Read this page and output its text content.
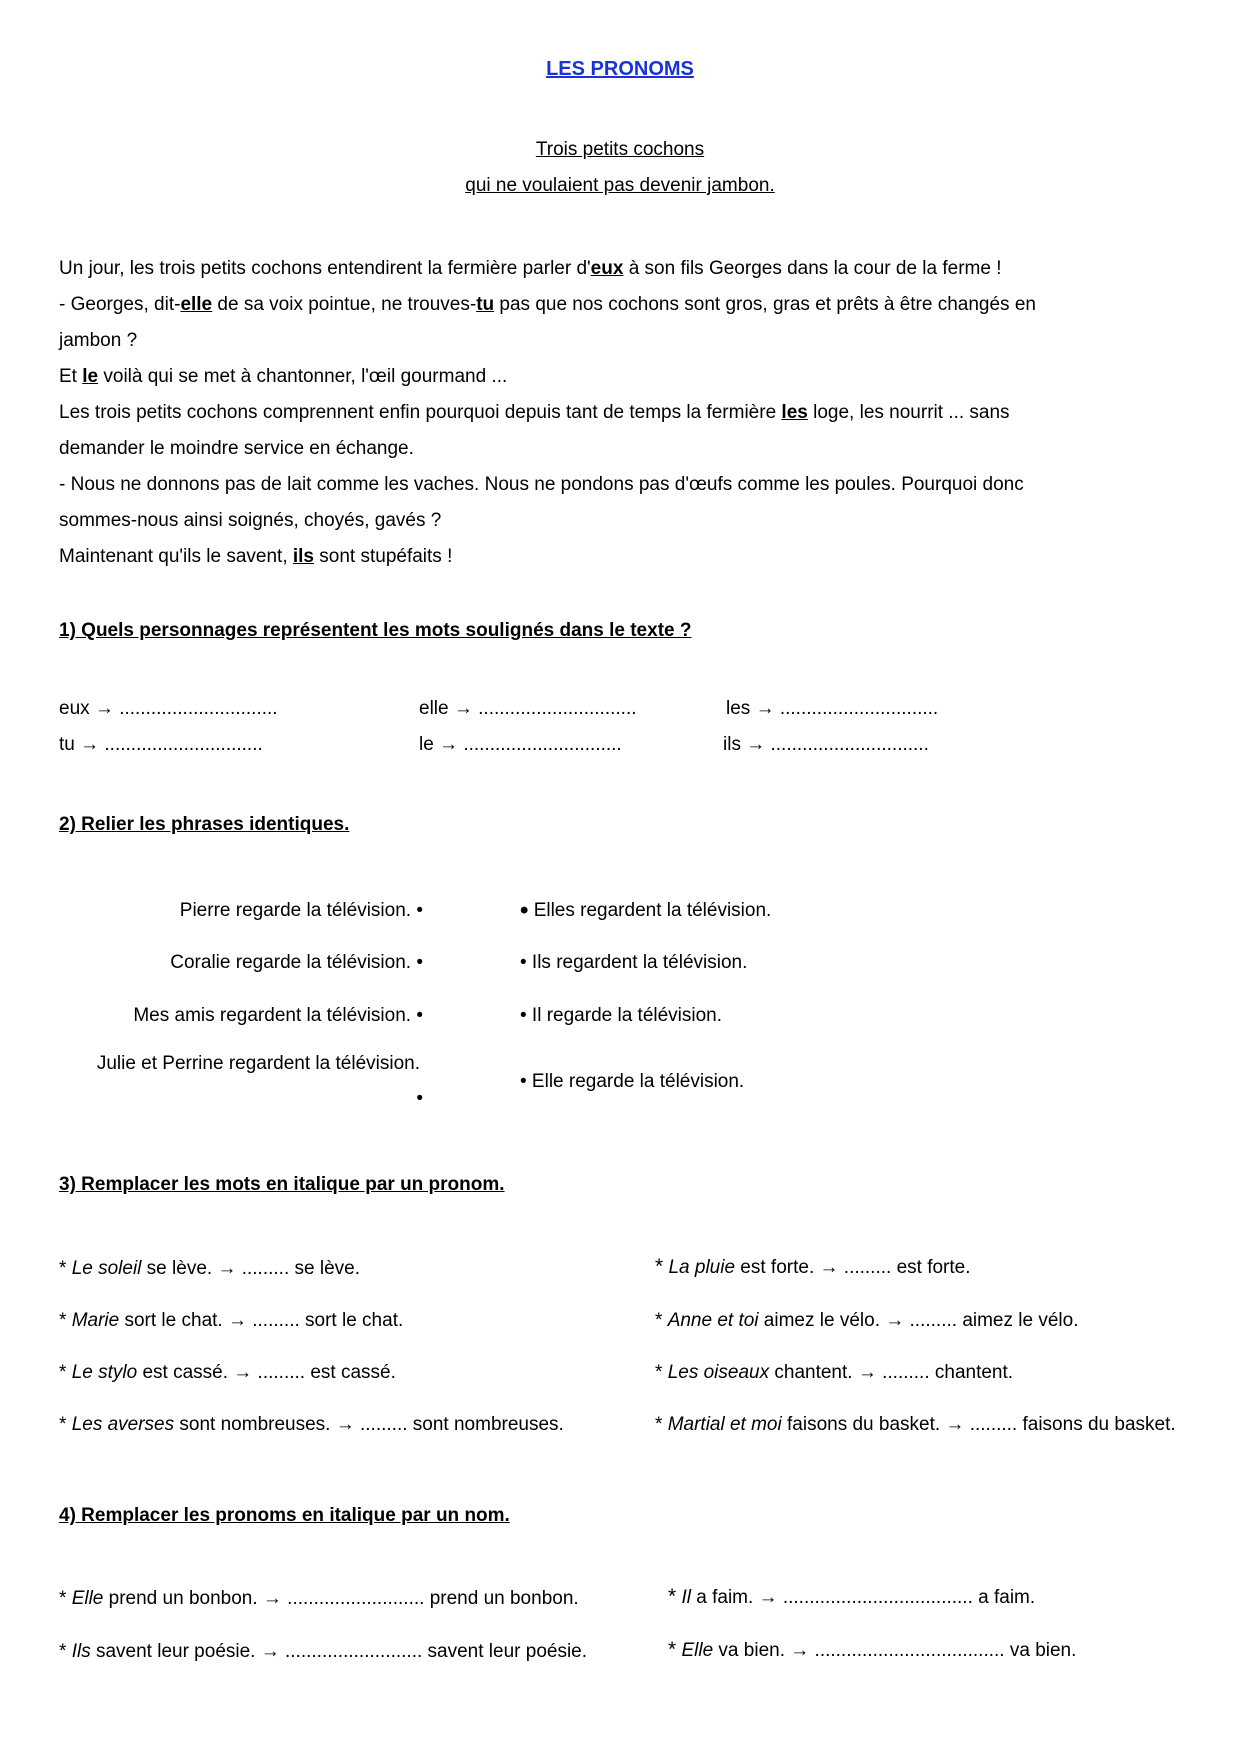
LES PRONOMS
Trois petits cochons
qui ne voulaient pas devenir jambon.
Un jour, les trois petits cochons entendirent la fermière parler d'eux à son fils Georges dans la cour de la ferme !
- Georges, dit-elle de sa voix pointue, ne trouves-tu pas que nos cochons sont gros, gras et prêts à être changés en
jambon ?
Et le voilà qui se met à chantonner, l'œil gourmand ...
Les trois petits cochons comprennent enfin pourquoi depuis tant de temps la fermière les loge, les nourrit ... sans
demander le moindre service en échange.
- Nous ne donnons pas de lait comme les vaches. Nous ne pondons pas d'œufs comme les poules. Pourquoi donc
sommes-nous ainsi soignés, choyés, gavés ?
Maintenant qu'ils le savent, ils sont stupéfaits !
1) Quels personnages représentent les mots soulignés dans le texte ?
eux → ..............................	elle → ..............................	les → ..............................
tu → ..............................	le → ..............................	ils → ..............................
2) Relier les phrases identiques.
Pierre regarde la télévision. •
Coralie regarde la télévision. •
Mes amis regardent la télévision. •
Julie et Perrine regardent la télévision.
•
• Elles regardent la télévision.
• Ils regardent la télévision.
• Il regarde la télévision.
• Elle regarde la télévision.
3) Remplacer les mots en italique par un pronom.
* Le soleil se lève. → ......... se lève.
* Marie sort le chat. → ......... sort le chat.
* Le stylo est cassé. → ......... est cassé.
* Les averses sont nombreuses. → ......... sont nombreuses.
* La pluie est forte. → ......... est forte.
* Anne et toi aimez le vélo. → ......... aimez le vélo.
* Les oiseaux chantent. → ......... chantent.
* Martial et moi faisons du basket. → ......... faisons du basket.
4) Remplacer les pronoms en italique par un nom.
* Elle prend un bonbon. → .......................... prend un bonbon.
* Ils savent leur poésie. → .......................... savent leur poésie.
* Il a faim. → .................................... a faim.
* Elle va bien. → .................................... va bien.
